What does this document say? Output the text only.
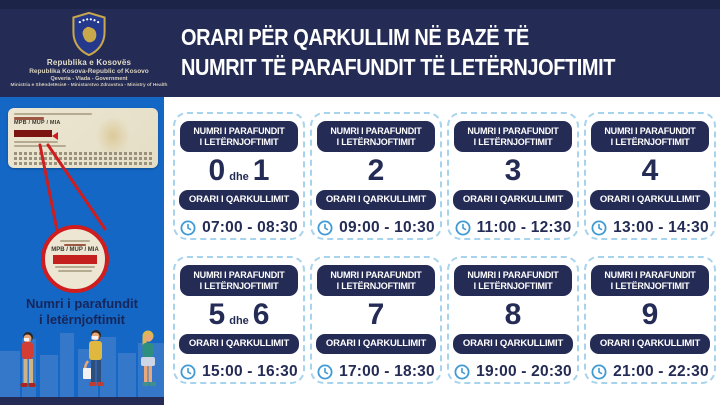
Republika e Kosovës
Republika Kosova-Republic of Kosovo
Qeveria - Vlada - Government
Ministria e Shëndetësisë - Ministarstvo Zdravstva - Ministry of Health
ORARI PËR QARKULLIM NË BAZË TË
NUMRIT TË PARAFUNDIT TË LETËRNJOFTIMIT
MPB / MUP / MIA
MPB / MUP / MIA
Numri i parafundit
i letërnjoftimit
NUMRI I PARAFUNDIT
I LETËRNJOFTIMIT
0 dhe 1
ORARI I QARKULLIMIT
07:00 - 08:30
NUMRI I PARAFUNDIT
I LETËRNJOFTIMIT
2
ORARI I QARKULLIMIT
09:00 - 10:30
NUMRI I PARAFUNDIT
I LETËRNJOFTIMIT
3
ORARI I QARKULLIMIT
11:00 - 12:30
NUMRI I PARAFUNDIT
I LETËRNJOFTIMIT
4
ORARI I QARKULLIMIT
13:00 - 14:30
NUMRI I PARAFUNDIT
I LETËRNJOFTIMIT
5 dhe 6
ORARI I QARKULLIMIT
15:00 - 16:30
NUMRI I PARAFUNDIT
I LETËRNJOFTIMIT
7
ORARI I QARKULLIMIT
17:00 - 18:30
NUMRI I PARAFUNDIT
I LETËRNJOFTIMIT
8
ORARI I QARKULLIMIT
19:00 - 20:30
NUMRI I PARAFUNDIT
I LETËRNJOFTIMIT
9
ORARI I QARKULLIMIT
21:00 - 22:30
